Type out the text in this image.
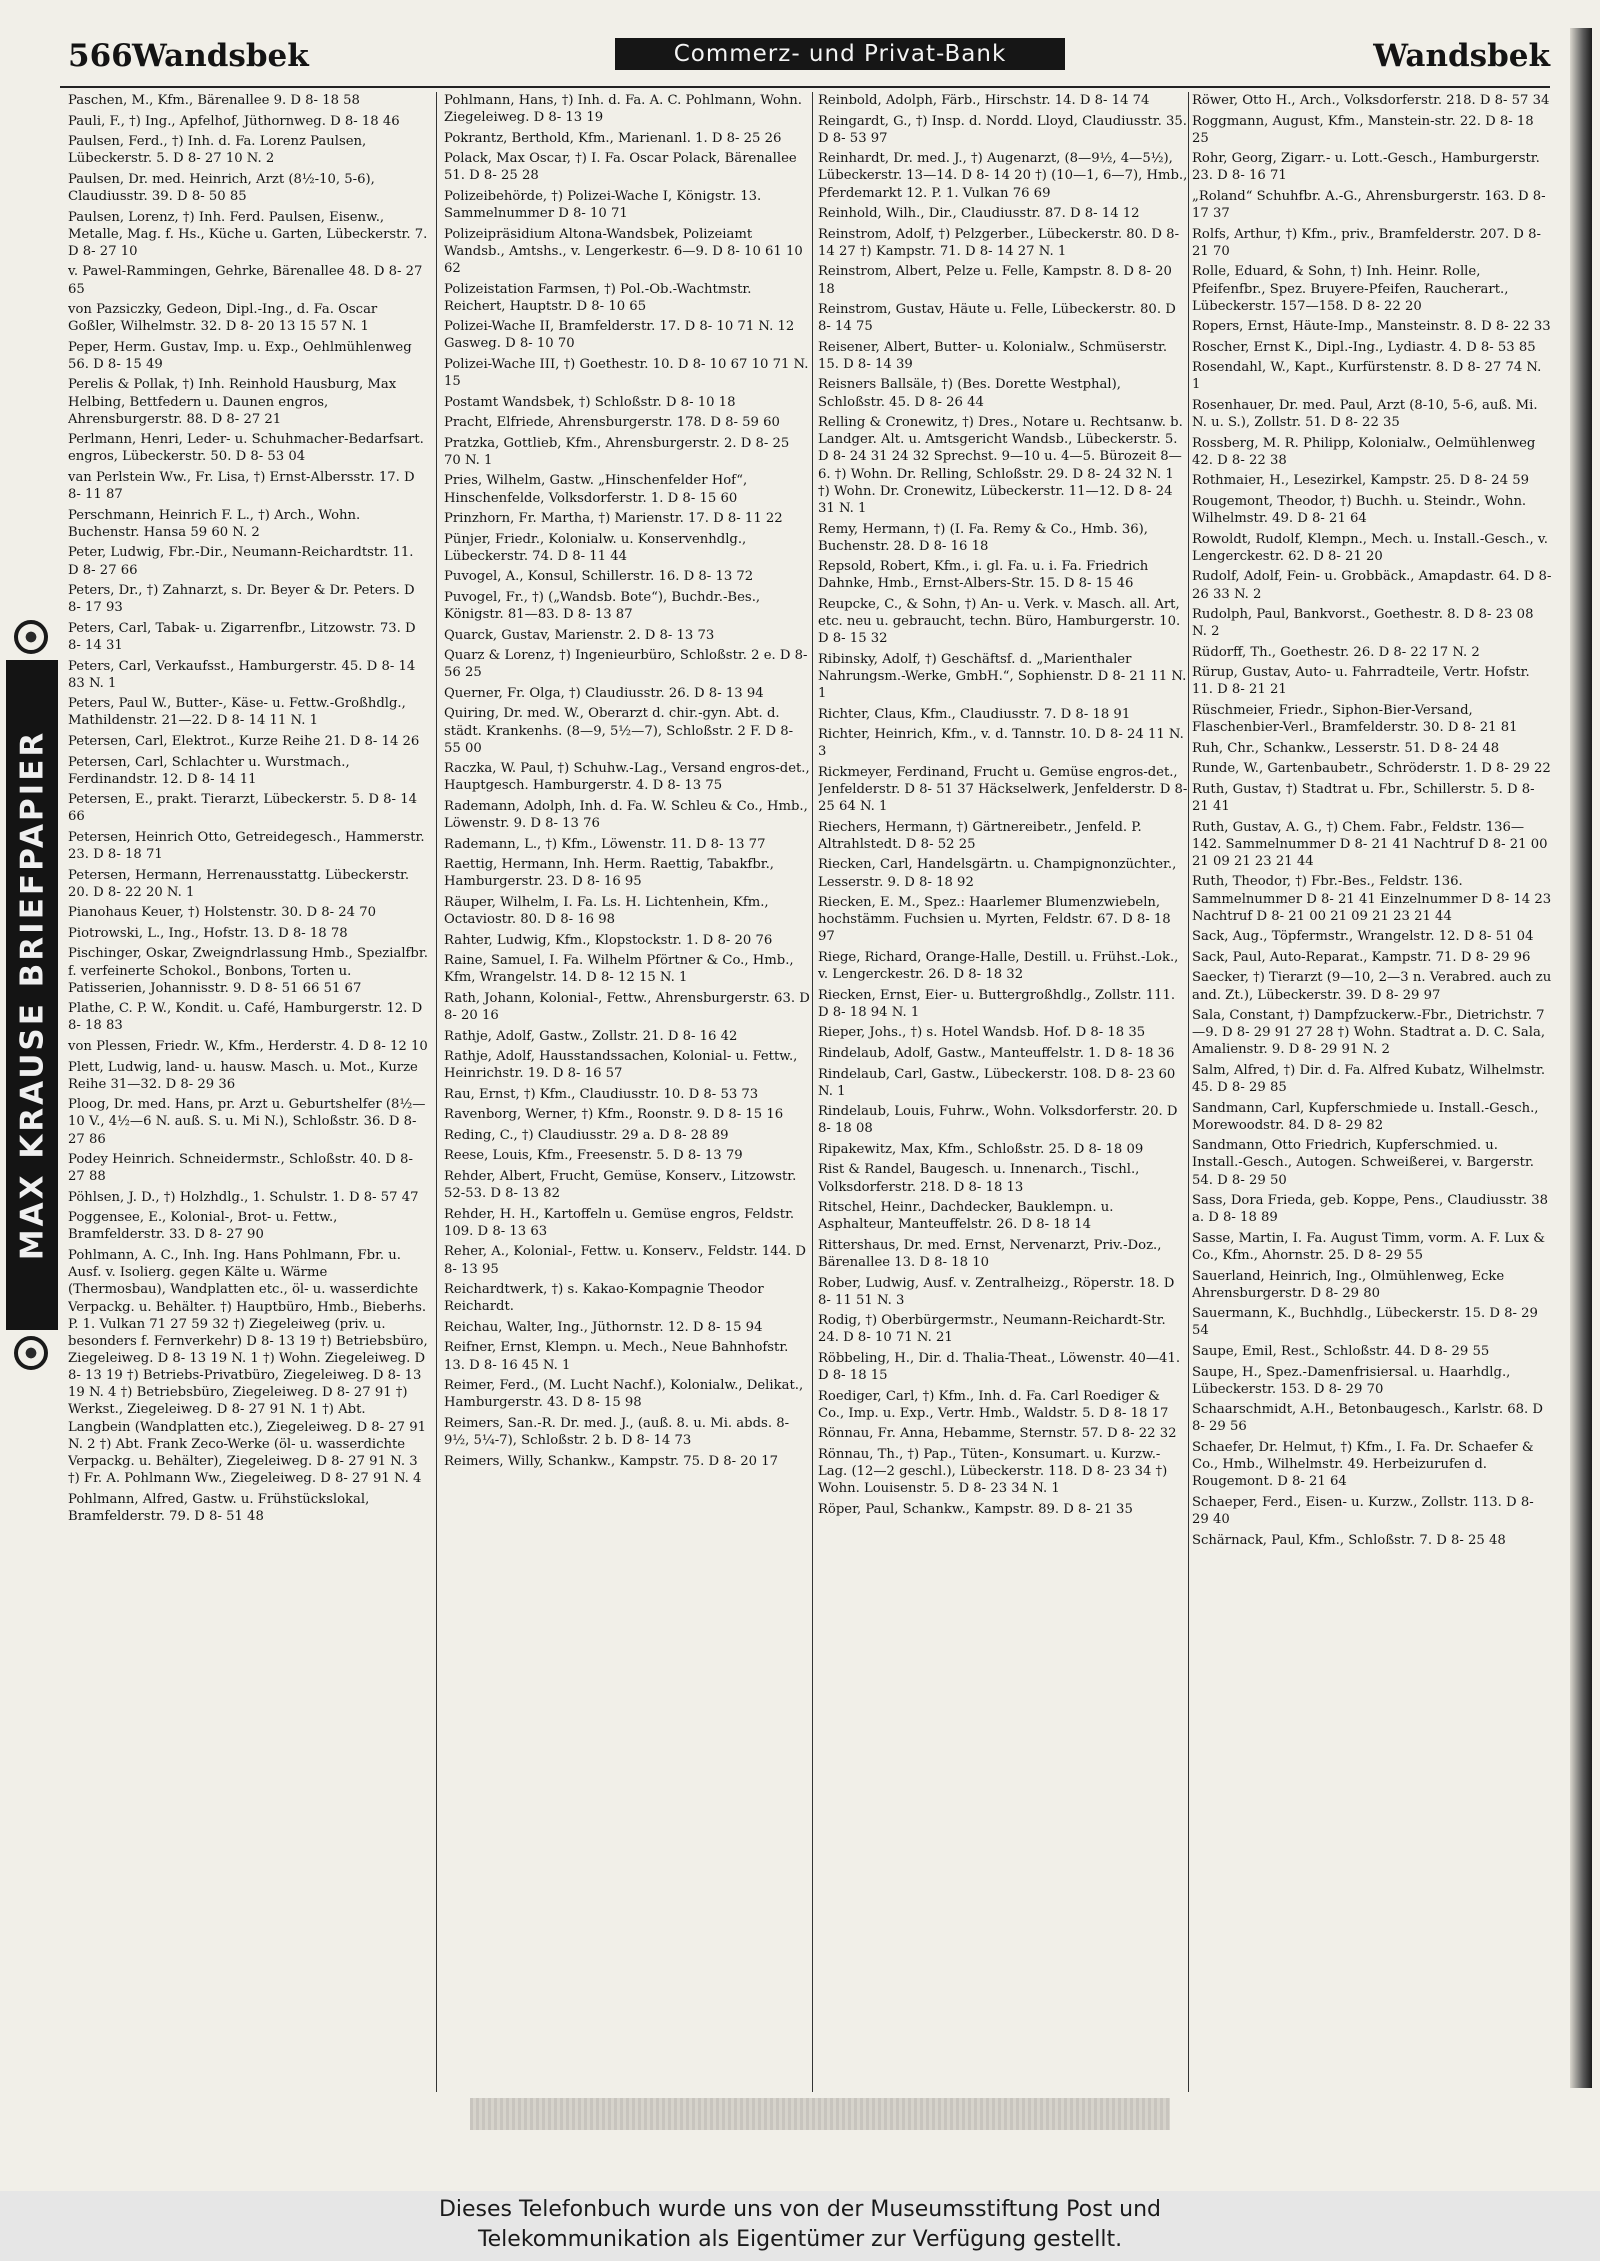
566 Wandsbek	Commerz- und Privat-Bank	Wandsbek
MAX KRAUSE BRIEFPAPIER
Paschen, M., Kfm., Bärenallee 9. D 8- 18 58
Pauli, F., †) Ing., Apfelhof, Jüthornweg. D 8- 18 46
Paulsen, Ferd., †) Inh. d. Fa. Lorenz Paulsen, Lübeckerstr. 5. D 8- 27 10 N. 2
Paulsen, Dr. med. Heinrich, Arzt (8½-10, 5-6), Claudiusstr. 39. D 8- 50 85
Paulsen, Lorenz, †) Inh. Ferd. Paulsen, Eisenw., Metalle, Mag. f. Hs., Küche u. Garten, Lübeckerstr. 7. D 8- 27 10
v. Pawel-Rammingen, Gehrke, Bärenallee 48. D 8- 27 65
von Pazsiczky, Gedeon, Dipl.-Ing., d. Fa. Oscar Goßler, Wilhelmstr. 32. D 8- 20 13 15 57 N. 1
Peper, Herm. Gustav, Imp. u. Exp., Oehlmühlenweg 56. D 8- 15 49
Perelis & Pollak, †) Inh. Reinhold Hausburg, Max Helbing, Bettfedern u. Daunen engros, Ahrensburgerstr. 88. D 8- 27 21
Perlmann, Henri, Leder- u. Schuhmacher-Bedarfsart. engros, Lübeckerstr. 50. D 8- 53 04
van Perlstein Ww., Fr. Lisa, †) Ernst-Albersstr. 17. D 8- 11 87
Perschmann, Heinrich F. L., †) Arch., Wohn. Buchenstr. Hansa 59 60 N. 2
Peter, Ludwig, Fbr.-Dir., Neumann-Reichardtstr. 11. D 8- 27 66
Peters, Dr., †) Zahnarzt, s. Dr. Beyer & Dr. Peters. D 8- 17 93
Peters, Carl, Tabak- u. Zigarrenfbr., Litzowstr. 73. D 8- 14 31
Peters, Carl, Verkaufsst., Hamburgerstr. 45. D 8- 14 83 N. 1
Peters, Paul W., Butter-, Käse- u. Fettw.-Großhdlg., Mathildenstr. 21—22. D 8- 14 11 N. 1
Petersen, Carl, Elektrot., Kurze Reihe 21. D 8- 14 26
Petersen, Carl, Schlachter u. Wurstmach., Ferdinandstr. 12. D 8- 14 11
Petersen, E., prakt. Tierarzt, Lübeckerstr. 5. D 8- 14 66
Petersen, Heinrich Otto, Getreidegesch., Hammerstr. 23. D 8- 18 71
Petersen, Hermann, Herrenausstattg. Lübeckerstr. 20. D 8- 22 20 N. 1
Pianohaus Keuer, †) Holstenstr. 30. D 8- 24 70
Piotrowski, L., Ing., Hofstr. 13. D 8- 18 78
Pischinger, Oskar, Zweigndrlassung Hmb., Spezialfbr. f. verfeinerte Schokol., Bonbons, Torten u. Patisserien, Johannisstr. 9. D 8- 51 66 51 67
Plathe, C. P. W., Kondit. u. Café, Hamburgerstr. 12. D 8- 18 83
von Plessen, Friedr. W., Kfm., Herderstr. 4. D 8- 12 10
Plett, Ludwig, land- u. hausw. Masch. u. Mot., Kurze Reihe 31—32. D 8- 29 36
Ploog, Dr. med. Hans, pr. Arzt u. Geburtshelfer (8½—10 V., 4½—6 N. auß. S. u. Mi N.), Schloßstr. 36. D 8- 27 86
Podey Heinrich. Schneidermstr., Schloßstr. 40. D 8- 27 88
Pöhlsen, J. D., †) Holzhdlg., 1. Schulstr. 1. D 8- 57 47
Poggensee, E., Kolonial-, Brot- u. Fettw., Bramfelderstr. 33. D 8- 27 90
Pohlmann, A. C., Inh. Ing. Hans Pohlmann, Fbr. u. Ausf. v. Isolierg. gegen Kälte u. Wärme (Thermosbau), Wandplatten etc., öl- u. wasserdichte Verpackg. u. Behälter. †) Hauptbüro, Hmb., Bieberhs. P. 1. Vulkan 71 27 59 32 †) Ziegeleiweg (priv. u. besonders f. Fernverkehr) D 8- 13 19 †) Betriebsbüro, Ziegeleiweg. D 8- 13 19 N. 1 †) Wohn. Ziegeleiweg. D 8- 13 19 †) Betriebs-Privatbüro, Ziegeleiweg. D 8- 13 19 N. 4 †) Betriebsbüro, Ziegeleiweg. D 8- 27 91 †) Werkst., Ziegeleiweg. D 8- 27 91 N. 1 †) Abt. Langbein (Wandplatten etc.), Ziegeleiweg. D 8- 27 91 N. 2 †) Abt. Frank Zeco-Werke (öl- u. wasserdichte Verpackg. u. Behälter), Ziegeleiweg. D 8- 27 91 N. 3 †) Fr. A. Pohlmann Ww., Ziegeleiweg. D 8- 27 91 N. 4
Pohlmann, Alfred, Gastw. u. Frühstückslokal, Bramfelderstr. 79. D 8- 51 48
Pohlmann, Hans, †) Inh. d. Fa. A. C. Pohlmann, Wohn. Ziegeleiweg. D 8- 13 19
Pokrantz, Berthold, Kfm., Marienanl. 1. D 8- 25 26
Polack, Max Oscar, †) I. Fa. Oscar Polack, Bärenallee 51. D 8- 25 28
Polizeibehörde, †) Polizei-Wache I, Königstr. 13. Sammelnummer D 8- 10 71
Polizeipräsidium Altona-Wandsbek, Polizeiamt Wandsb., Amtshs., v. Lengerkestr. 6—9. D 8- 10 61 10 62
Polizeistation Farmsen, †) Pol.-Ob.-Wachtmstr. Reichert, Hauptstr. D 8- 10 65
Polizei-Wache II, Bramfelderstr. 17. D 8- 10 71 N. 12 Gasweg. D 8- 10 70
Polizei-Wache III, †) Goethestr. 10. D 8- 10 67 10 71 N. 15
Postamt Wandsbek, †) Schloßstr. D 8- 10 18
Pracht, Elfriede, Ahrensburgerstr. 178. D 8- 59 60
Pratzka, Gottlieb, Kfm., Ahrensburgerstr. 2. D 8- 25 70 N. 1
Pries, Wilhelm, Gastw. „Hinschenfelder Hof“, Hinschenfelde, Volksdorferstr. 1. D 8- 15 60
Prinzhorn, Fr. Martha, †) Marienstr. 17. D 8- 11 22
Pünjer, Friedr., Kolonialw. u. Konservenhdlg., Lübeckerstr. 74. D 8- 11 44
Puvogel, A., Konsul, Schillerstr. 16. D 8- 13 72
Puvogel, Fr., †) („Wandsb. Bote“), Buchdr.-Bes., Königstr. 81—83. D 8- 13 87
Quarck, Gustav, Marienstr. 2. D 8- 13 73
Quarz & Lorenz, †) Ingenieurbüro, Schloßstr. 2 e. D 8- 56 25
Querner, Fr. Olga, †) Claudiusstr. 26. D 8- 13 94
Quiring, Dr. med. W., Oberarzt d. chir.-gyn. Abt. d. städt. Krankenhs. (8—9, 5½—7), Schloßstr. 2 F. D 8- 55 00
Raczka, W. Paul, †) Schuhw.-Lag., Versand engros-det., Hauptgesch. Hamburgerstr. 4. D 8- 13 75
Rademann, Adolph, Inh. d. Fa. W. Schleu & Co., Hmb., Löwenstr. 9. D 8- 13 76
Rademann, L., †) Kfm., Löwenstr. 11. D 8- 13 77
Raettig, Hermann, Inh. Herm. Raettig, Tabakfbr., Hamburgerstr. 23. D 8- 16 95
Räuper, Wilhelm, I. Fa. Ls. H. Lichtenhein, Kfm., Octaviostr. 80. D 8- 16 98
Rahter, Ludwig, Kfm., Klopstockstr. 1. D 8- 20 76
Raine, Samuel, I. Fa. Wilhelm Pförtner & Co., Hmb., Kfm, Wrangelstr. 14. D 8- 12 15 N. 1
Rath, Johann, Kolonial-, Fettw., Ahrensburgerstr. 63. D 8- 20 16
Rathje, Adolf, Gastw., Zollstr. 21. D 8- 16 42
Rathje, Adolf, Hausstandssachen, Kolonial- u. Fettw., Heinrichstr. 19. D 8- 16 57
Rau, Ernst, †) Kfm., Claudiusstr. 10. D 8- 53 73
Ravenborg, Werner, †) Kfm., Roonstr. 9. D 8- 15 16
Reding, C., †) Claudiusstr. 29 a. D 8- 28 89
Reese, Louis, Kfm., Freesenstr. 5. D 8- 13 79
Rehder, Albert, Frucht, Gemüse, Konserv., Litzowstr. 52-53. D 8- 13 82
Rehder, H. H., Kartoffeln u. Gemüse engros, Feldstr. 109. D 8- 13 63
Reher, A., Kolonial-, Fettw. u. Konserv., Feldstr. 144. D 8- 13 95
Reichardtwerk, †) s. Kakao-Kompagnie Theodor Reichardt.
Reichau, Walter, Ing., Jüthornstr. 12. D 8- 15 94
Reifner, Ernst, Klempn. u. Mech., Neue Bahnhofstr. 13. D 8- 16 45 N. 1
Reimer, Ferd., (M. Lucht Nachf.), Kolonialw., Delikat., Hamburgerstr. 43. D 8- 15 98
Reimers, San.-R. Dr. med. J., (auß. 8. u. Mi. abds. 8-9½, 5¼-7), Schloßstr. 2 b. D 8- 14 73
Reimers, Willy, Schankw., Kampstr. 75. D 8- 20 17
Reinbold, Adolph, Färb., Hirschstr. 14. D 8- 14 74
Reingardt, G., †) Insp. d. Nordd. Lloyd, Claudiusstr. 35. D 8- 53 97
Reinhardt, Dr. med. J., †) Augenarzt, (8—9½, 4—5½), Lübeckerstr. 13—14. D 8- 14 20 †) (10—1, 6—7), Hmb., Pferdemarkt 12. P. 1. Vulkan 76 69
Reinhold, Wilh., Dir., Claudiusstr. 87. D 8- 14 12
Reinstrom, Adolf, †) Pelzgerber., Lübeckerstr. 80. D 8- 14 27 †) Kampstr. 71. D 8- 14 27 N. 1
Reinstrom, Albert, Pelze u. Felle, Kampstr. 8. D 8- 20 18
Reinstrom, Gustav, Häute u. Felle, Lübeckerstr. 80. D 8- 14 75
Reisener, Albert, Butter- u. Kolonialw., Schmüserstr. 15. D 8- 14 39
Reisners Ballsäle, †) (Bes. Dorette Westphal), Schloßstr. 45. D 8- 26 44
Relling & Cronewitz, †) Dres., Notare u. Rechtsanw. b. Landger. Alt. u. Amtsgericht Wandsb., Lübeckerstr. 5. D 8- 24 31 24 32 Sprechst. 9—10 u. 4—5. Bürozeit 8—6. †) Wohn. Dr. Relling, Schloßstr. 29. D 8- 24 32 N. 1 †) Wohn. Dr. Cronewitz, Lübeckerstr. 11—12. D 8- 24 31 N. 1
Remy, Hermann, †) (I. Fa. Remy & Co., Hmb. 36), Buchenstr. 28. D 8- 16 18
Repsold, Robert, Kfm., i. gl. Fa. u. i. Fa. Friedrich Dahnke, Hmb., Ernst-Albers-Str. 15. D 8- 15 46
Reupcke, C., & Sohn, †) An- u. Verk. v. Masch. all. Art, etc. neu u. gebraucht, techn. Büro, Hamburgerstr. 10. D 8- 15 32
Ribinsky, Adolf, †) Geschäftsf. d. „Marienthaler Nahrungsm.-Werke, GmbH.“, Sophienstr. D 8- 21 11 N. 1
Richter, Claus, Kfm., Claudiusstr. 7. D 8- 18 91
Richter, Heinrich, Kfm., v. d. Tannstr. 10. D 8- 24 11 N. 3
Rickmeyer, Ferdinand, Frucht u. Gemüse engros-det., Jenfelderstr. D 8- 51 37 Häckselwerk, Jenfelderstr. D 8- 25 64 N. 1
Riechers, Hermann, †) Gärtnereibetr., Jenfeld. P. Altrahlstedt. D 8- 52 25
Riecken, Carl, Handelsgärtn. u. Champignonzüchter., Lesserstr. 9. D 8- 18 92
Riecken, E. M., Spez.: Haarlemer Blumenzwiebeln, hochstämm. Fuchsien u. Myrten, Feldstr. 67. D 8- 18 97
Riege, Richard, Orange-Halle, Destill. u. Frühst.-Lok., v. Lengerckestr. 26. D 8- 18 32
Riecken, Ernst, Eier- u. Buttergroßhdlg., Zollstr. 111. D 8- 18 94 N. 1
Rieper, Johs., †) s. Hotel Wandsb. Hof. D 8- 18 35
Rindelaub, Adolf, Gastw., Manteuffelstr. 1. D 8- 18 36
Rindelaub, Carl, Gastw., Lübeckerstr. 108. D 8- 23 60 N. 1
Rindelaub, Louis, Fuhrw., Wohn. Volksdorferstr. 20. D 8- 18 08
Ripakewitz, Max, Kfm., Schloßstr. 25. D 8- 18 09
Rist & Randel, Baugesch. u. Innenarch., Tischl., Volksdorferstr. 218. D 8- 18 13
Ritschel, Heinr., Dachdecker, Bauklempn. u. Asphalteur, Manteuffelstr. 26. D 8- 18 14
Rittershaus, Dr. med. Ernst, Nervenarzt, Priv.-Doz., Bärenallee 13. D 8- 18 10
Rober, Ludwig, Ausf. v. Zentralheizg., Röperstr. 18. D 8- 11 51 N. 3
Rodig, †) Oberbürgermstr., Neumann-Reichardt-Str. 24. D 8- 10 71 N. 21
Röbbeling, H., Dir. d. Thalia-Theat., Löwenstr. 40—41. D 8- 18 15
Roediger, Carl, †) Kfm., Inh. d. Fa. Carl Roediger & Co., Imp. u. Exp., Vertr. Hmb., Waldstr. 5. D 8- 18 17
Rönnau, Fr. Anna, Hebamme, Sternstr. 57. D 8- 22 32
Rönnau, Th., †) Pap., Tüten-, Konsumart. u. Kurzw.-Lag. (12—2 geschl.), Lübeckerstr. 118. D 8- 23 34 †) Wohn. Louisenstr. 5. D 8- 23 34 N. 1
Röper, Paul, Schankw., Kampstr. 89. D 8- 21 35
Röwer, Otto H., Arch., Volksdorferstr. 218. D 8- 57 34
Roggmann, August, Kfm., Manstein-str. 22. D 8- 18 25
Rohr, Georg, Zigarr.- u. Lott.-Gesch., Hamburgerstr. 23. D 8- 16 71
„Roland“ Schuhfbr. A.-G., Ahrensburgerstr. 163. D 8- 17 37
Rolfs, Arthur, †) Kfm., priv., Bramfelderstr. 207. D 8- 21 70
Rolle, Eduard, & Sohn, †) Inh. Heinr. Rolle, Pfeifenfbr., Spez. Bruyere-Pfeifen, Raucherart., Lübeckerstr. 157—158. D 8- 22 20
Ropers, Ernst, Häute-Imp., Mansteinstr. 8. D 8- 22 33
Roscher, Ernst K., Dipl.-Ing., Lydiastr. 4. D 8- 53 85
Rosendahl, W., Kapt., Kurfürstenstr. 8. D 8- 27 74 N. 1
Rosenhauer, Dr. med. Paul, Arzt (8-10, 5-6, auß. Mi. N. u. S.), Zollstr. 51. D 8- 22 35
Rossberg, M. R. Philipp, Kolonialw., Oelmühlenweg 42. D 8- 22 38
Rothmaier, H., Lesezirkel, Kampstr. 25. D 8- 24 59
Rougemont, Theodor, †) Buchh. u. Steindr., Wohn. Wilhelmstr. 49. D 8- 21 64
Rowoldt, Rudolf, Klempn., Mech. u. Install.-Gesch., v. Lengerckestr. 62. D 8- 21 20
Rudolf, Adolf, Fein- u. Grobbäck., Amapdastr. 64. D 8- 26 33 N. 2
Rudolph, Paul, Bankvorst., Goethestr. 8. D 8- 23 08 N. 2
Rüdorff, Th., Goethestr. 26. D 8- 22 17 N. 2
Rürup, Gustav, Auto- u. Fahrradteile, Vertr. Hofstr. 11. D 8- 21 21
Rüschmeier, Friedr., Siphon-Bier-Versand, Flaschenbier-Verl., Bramfelderstr. 30. D 8- 21 81
Ruh, Chr., Schankw., Lesserstr. 51. D 8- 24 48
Runde, W., Gartenbaubetr., Schröderstr. 1. D 8- 29 22
Ruth, Gustav, †) Stadtrat u. Fbr., Schillerstr. 5. D 8- 21 41
Ruth, Gustav, A. G., †) Chem. Fabr., Feldstr. 136—142. Sammelnummer D 8- 21 41 Nachtruf D 8- 21 00 21 09 21 23 21 44
Ruth, Theodor, †) Fbr.-Bes., Feldstr. 136. Sammelnummer D 8- 21 41 Einzelnummer D 8- 14 23 Nachtruf D 8- 21 00 21 09 21 23 21 44
Sack, Aug., Töpfermstr., Wrangelstr. 12. D 8- 51 04
Sack, Paul, Auto-Reparat., Kampstr. 71. D 8- 29 96
Saecker, †) Tierarzt (9—10, 2—3 n. Verabred. auch zu and. Zt.), Lübeckerstr. 39. D 8- 29 97
Sala, Constant, †) Dampfzuckerw.-Fbr., Dietrichstr. 7—9. D 8- 29 91 27 28 †) Wohn. Stadtrat a. D. C. Sala, Amalienstr. 9. D 8- 29 91 N. 2
Salm, Alfred, †) Dir. d. Fa. Alfred Kubatz, Wilhelmstr. 45. D 8- 29 85
Sandmann, Carl, Kupferschmiede u. Install.-Gesch., Morewoodstr. 84. D 8- 29 82
Sandmann, Otto Friedrich, Kupferschmied. u. Install.-Gesch., Autogen. Schweißerei, v. Bargerstr. 54. D 8- 29 50
Sass, Dora Frieda, geb. Koppe, Pens., Claudiusstr. 38 a. D 8- 18 89
Sasse, Martin, I. Fa. August Timm, vorm. A. F. Lux & Co., Kfm., Ahornstr. 25. D 8- 29 55
Sauerland, Heinrich, Ing., Olmühlenweg, Ecke Ahrensburgerstr. D 8- 29 80
Sauermann, K., Buchhdlg., Lübeckerstr. 15. D 8- 29 54
Saupe, Emil, Rest., Schloßstr. 44. D 8- 29 55
Saupe, H., Spez.-Damenfrisiersal. u. Haarhdlg., Lübeckerstr. 153. D 8- 29 70
Schaarschmidt, A.H., Betonbaugesch., Karlstr. 68. D 8- 29 56
Schaefer, Dr. Helmut, †) Kfm., I. Fa. Dr. Schaefer & Co., Hmb., Wilhelmstr. 49. Herbeizurufen d. Rougemont. D 8- 21 64
Schaeper, Ferd., Eisen- u. Kurzw., Zollstr. 113. D 8- 29 40
Schärnack, Paul, Kfm., Schloßstr. 7. D 8- 25 48
Dieses Telefonbuch wurde uns von der Museumsstiftung Post und
Telekommunikation als Eigentümer zur Verfügung gestellt.
